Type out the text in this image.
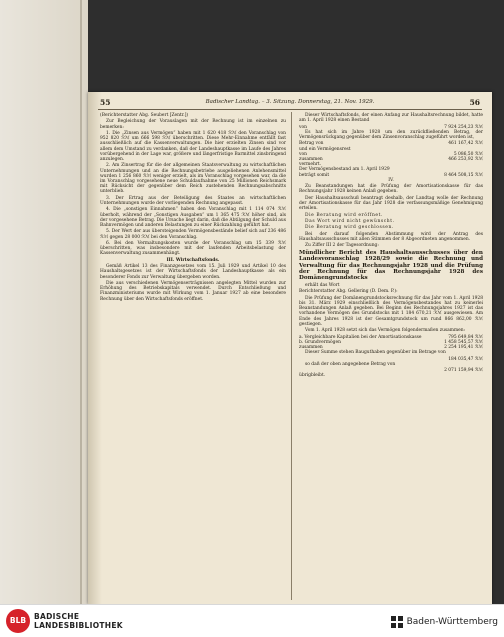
55	Badischer Landtag. – 3. Sitzung. Donnerstag, 21. Nov. 1929.	56

(Berichterstatter Abg. Seubert [Zentr.])

Zur Begleichung der Vorauslagen mit der Rechnung ist im einzelnen zu bemerken:

1. Die „Zinsen aus Vermögen“ haben mit 1 620 418 ℛℳ den Voranschlag von 952 820 ℛℳ um 666 598 ℛℳ überschritten. Diese Mehr-Einnahme entfällt fast ausschließlich auf die Kassenverwaltungen. Die hier erzielten Zinsen sind vor allem dem Umstand zu verdanken, daß der Landeshauptkasse im Laufe des Jahres vorübergehend in der Lage war, größere und längerfristige Barmittel zinsbringend anzulegen.

2. Am Zinsertrag für die der allgemeinen Staatsverwaltung zu wirtschaftlichen Unternehmungen und an die Rechnungsbetriebe ausgeliehenen Anlehensmittel wurden 1 256 860 ℛℳ weniger erzielt, als im Voranschlag vorgesehen war, da die im Voranschlag vorgesehene neue Schuldaufnahme von 25 Millionen Reichsmark mit Rücksicht der gegenüber dem Reich zustehenden Rechnungsabschnitts unterblieb.

3. Der Ertrag aus der Beteiligung des Staates an wirtschaftlichen Unternehmungen wurde der vorliegenden Rechnung angepasst.

4. Die „sonstigen Einnahmen“ haben den Voranschlag mit 1 114 074 ℛℳ überholt, während der „Sonstigen Ausgaben“ um 1 365 475 ℛℳ höher sind, als der vorgesehene Betrag. Die Ursache liegt darin, daß die Abtilgung der Schuld aus Bahnvermögen und anderen Belastungen zu einer Rückzahlung geführt hat.

5. Der Wert der aus übersteigenden Vermögensbestände belief sich auf 236 486 ℛℳ gegen 28 000 ℛℳ bei den Voranschlag.

6. Bei den Vermaltungskosten wurde der Voranschlag um 15 339 ℛℳ überschritten, was insbesondere mit der laufenden Arbeitsbelastung der Kassenverwaltung zusammenhängt.

III. Wirtschaftsfonds.

Gemäß Artikel 13 des Finanzgesetzes vom 15. Juli 1929 und Artikel 10 des Haushaltsgesetzes ist der Wirtschaftsfonds der Landeshauptkasse als ein besonderer Fonds zur Verwaltung übergeben worden.

Die aus verschiedenen Vermögenserträgnissen angelegten Mittel wurden zur Erhöhung des Betriebskapitals verwendet. Durch Entschließung und Finanzministeriums wurde mit Wirkung vom 1. Januar 1927 ab eine besondere Rechnung über den Wirtschaftsfonds eröffnet.

Dieser Wirtschaftsfonds, der einen Anfang zur Haushaltsrechnung bildet, hatte am 1. April 1928 einen Bestand

von	7 924 254,23 ℛℳ

Es hat sich im Jahre 1928 um den zurückfließenden Betrag, der Vermögensrückgang gegenüber dem Zinsenvoranschlag zugeführt worden ist,

Betrag von	461 167,42 ℛℳ
und ein Vermögensrest
von	5 086,50 ℛℳ
zusammen	466 253,92 ℛℳ
vermehrt.
Der Vermögensbestand am 1. April 1929
beträgt somit	8 464 508,15 ℛℳ

IV.

Zu Beanstandungen hat die Prüfung der Amortisationskasse für das Rechnungsjahr 1928 keinen Anlaß gegeben.

Der Haushaltsausschuß beantragt deshalb, der Landtag wolle der Rechnung der Amortisationskasse für das Jahr 1928 die verfassungsmäßige Genehmigung erteilen.

Die Beratung wird eröffnet.

Das Wort wird nicht gewünscht.

Die Beratung wird geschlossen.

Bei der darauf folgenden Abstimmung wird der Antrag des Haushaltsausschusses mit allen Stimmen der 8 Abgeordneten angenommen.

Zu Ziffer III 2 der Tagesordnung:

Mündlicher Bericht des Haushaltsausschusses über den Landesvoranschlag 1928/29 sowie die Rechnung und Verwaltung für das Rechnungsjahr 1928 und die Prüfung der Rechnung für das Rechnungsjahr 1928 des Domänengrundstocks

erhält das Wort

Berichterstatter Abg. Gellering (D. Dem. P.):

Die Prüfung der Domänengrundstocksrechnung für das Jahr vom 1. April 1928 bis 31. März 1929 einschließlich des Vermögensbestandes hat zu keinerlei Beanstandungen Anlaß gegeben. Bei Beginn des Rechnungsjahres 1927 ist das vorhandene Vermögen des Grundstocks mit 1 184 670,21 ℛℳ ausgewiesen. Am Ende des Jahres 1928 ist der Gesamtgrundstock um rund 866 862,00 ℛℳ gestiegen.

Vom 1. April 1928 setzt sich das Vermögen folgendermaßen zusammen:

a. Vergleichbare Kapitalien bei der Amortisationskasse	795 649,84 ℛℳ
b. Grundvermögen	1 458 545,57 ℛℳ
zusammen	2 254 195,41 ℛℳ

Dieser Summe stehen Bauguthaben gegenüber im Betrage von

184 035,47 ℛℳ

so daß der oben angegebene Betrag von

2 071 159,94 ℛℳ

übrigbleibt.

BLB	BADISCHE
LANDESBIBLIOTHEK	Baden-Württemberg
